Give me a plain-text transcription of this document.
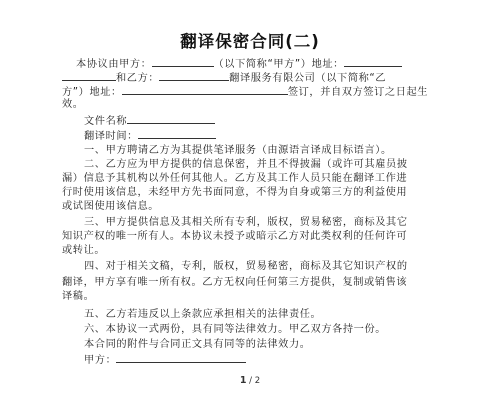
翻译保密合同(二)
本协议由甲方：	（以下简称“甲方”）地址：
和乙方：	翻译服务有限公司（以下简称“乙
方”）地址：	签订，并自双方签订之日起生
效。
文件名称
翻译时间：
一、甲方聘请乙方为其提供笔译服务（由源语言译成目标语言）。
二、乙方应为甲方提供的信息保密，并且不得披漏（或许可其雇员披
漏）信息予其机构以外任何其他人。乙方及其工作人员只能在翻译工作进
行时使用该信息，未经甲方先书面同意，不得为自身或第三方的利益使用
或试图使用该信息。
三、甲方提供信息及其相关所有专利，版权，贸易秘密，商标及其它
知识产权的唯一所有人。本协议未授予或暗示乙方对此类权利的任何许可
或转让。
四、对于相关文稿，专利，版权，贸易秘密，商标及其它知识产权的
翻译，甲方享有唯一所有权。乙方无权向任何第三方提供，复制或销售该
1 / 2
译稿。
五、乙方若违反以上条款应承担相关的法律责任。
六、本协议一式两份，具有同等法律效力。甲乙双方各持一份。
本合同的附件与合同正文具有同等的法律效力。
甲方：
